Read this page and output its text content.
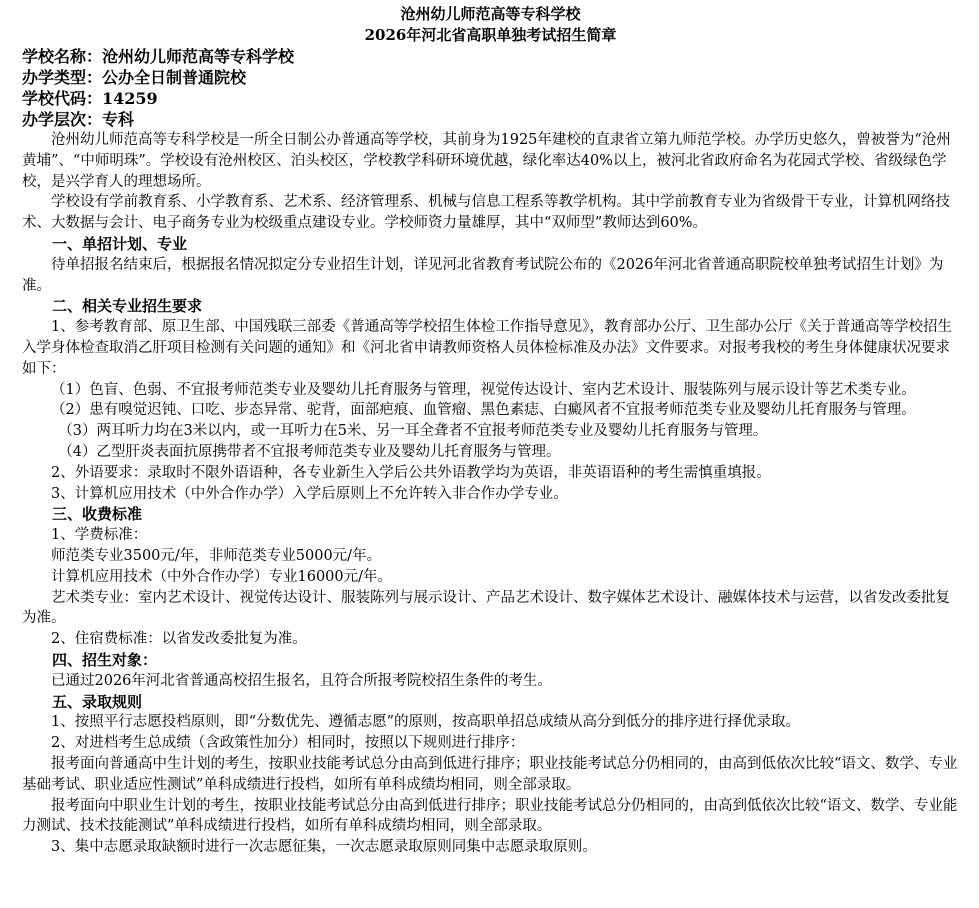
沧州幼儿师范高等专科学校

2026年河北省高职单独考试招生简章

学校名称：沧州幼儿师范高等专科学校

办学类型：公办全日制普通院校

学校代码：14259

办学层次：专科

沧州幼儿师范高等专科学校是一所全日制公办普通高等学校，其前身为1925年建校的直隶省立第九师范学校。办学历史悠久，曾被誉为“沧州黄埔”、“中师明珠”。学校设有沧州校区、泊头校区，学校教学科研环境优越，绿化率达40%以上，被河北省政府命名为花园式学校、省级绿色学校，是兴学育人的理想场所。

学校设有学前教育系、小学教育系、艺术系、经济管理系、机械与信息工程系等教学机构。其中学前教育专业为省级骨干专业，计算机网络技术、大数据与会计、电子商务专业为校级重点建设专业。学校师资力量雄厚，其中“双师型”教师达到60%。

一、单招计划、专业

待单招报名结束后，根据报名情况拟定分专业招生计划，详见河北省教育考试院公布的《2026年河北省普通高职院校单独考试招生计划》为准。

二、相关专业招生要求

1、参考教育部、原卫生部、中国残联三部委《普通高等学校招生体检工作指导意见》，教育部办公厅、卫生部办公厅《关于普通高等学校招生入学身体检查取消乙肝项目检测有关问题的通知》和《河北省申请教师资格人员体检标准及办法》文件要求。对报考我校的考生身体健康状况要求如下：

（1）色盲、色弱、不宜报考师范类专业及婴幼儿托育服务与管理，视觉传达设计、室内艺术设计、服装陈列与展示设计等艺术类专业。

（2）患有嗅觉迟钝、口吃、步态异常、驼背，面部疤痕、血管瘤、黑色素痣、白癜风者不宜报考师范类专业及婴幼儿托育服务与管理。

（3）两耳听力均在3米以内，或一耳听力在5米、另一耳全聋者不宜报考师范类专业及婴幼儿托育服务与管理。

（4）乙型肝炎表面抗原携带者不宜报考师范类专业及婴幼儿托育服务与管理。

2、外语要求：录取时不限外语语种，各专业新生入学后公共外语教学均为英语，非英语语种的考生需慎重填报。

3、计算机应用技术（中外合作办学）入学后原则上不允许转入非合作办学专业。

三、收费标准

1、学费标准：

师范类专业3500元/年，非师范类专业5000元/年。

计算机应用技术（中外合作办学）专业16000元/年。

艺术类专业：室内艺术设计、视觉传达设计、服装陈列与展示设计、产品艺术设计、数字媒体艺术设计、融媒体技术与运营，以省发改委批复为准。

2、住宿费标准：以省发改委批复为准。

四、招生对象：

已通过2026年河北省普通高校招生报名，且符合所报考院校招生条件的考生。

五、录取规则

1、按照平行志愿投档原则，即“分数优先、遵循志愿”的原则，按高职单招总成绩从高分到低分的排序进行择优录取。

2、对进档考生总成绩（含政策性加分）相同时，按照以下规则进行排序：

报考面向普通高中生计划的考生，按职业技能考试总分由高到低进行排序；职业技能考试总分仍相同的，由高到低依次比较“语文、数学、专业基础考试、职业适应性测试”单科成绩进行投档，如所有单科成绩均相同，则全部录取。

报考面向中职业生计划的考生，按职业技能考试总分由高到低进行排序；职业技能考试总分仍相同的，由高到低依次比较“语文、数学、专业能力测试、技术技能测试”单科成绩进行投档，如所有单科成绩均相同，则全部录取。

3、集中志愿录取缺额时进行一次志愿征集，一次志愿录取原则同集中志愿录取原则。
